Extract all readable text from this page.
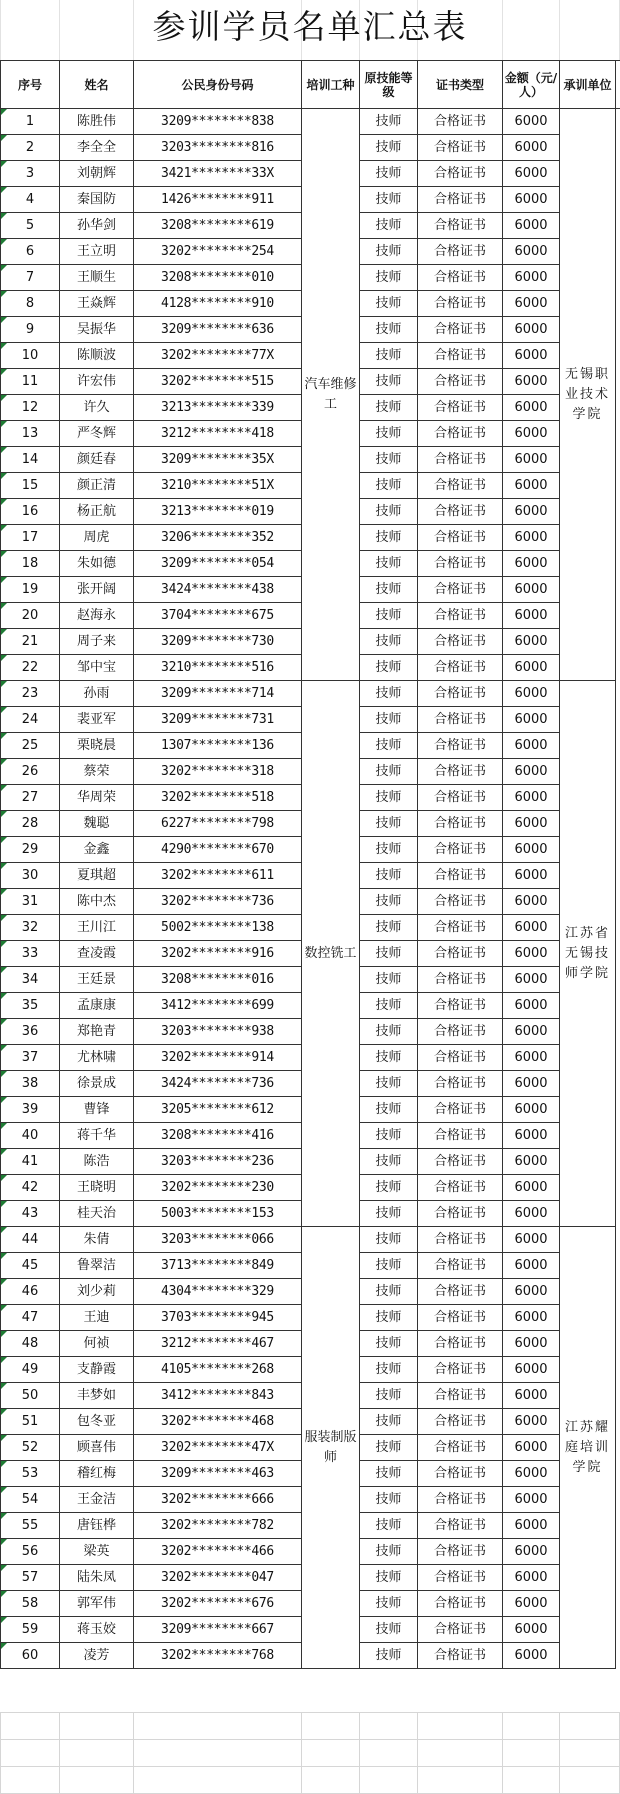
参训学员名单汇总表
序号	姓名	公民身份号码	培训工种	原技能等级	证书类型	金额（元/人）	承训单位	
1	陈胜伟	3209********838	汽车维修工	技师	合格证书	6000	无锡职业技术学院	
2	李全全	3203********816		技师	合格证书	6000		
3	刘朝辉	3421********33X		技师	合格证书	6000		
4	秦国防	1426********911		技师	合格证书	6000		
5	孙华剑	3208********619		技师	合格证书	6000		
6	王立明	3202********254		技师	合格证书	6000		
7	王顺生	3208********010		技师	合格证书	6000		
8	王焱辉	4128********910		技师	合格证书	6000		
9	吴振华	3209********636		技师	合格证书	6000		
10	陈顺波	3202********77X		技师	合格证书	6000		
11	许宏伟	3202********515		技师	合格证书	6000		
12	许久	3213********339		技师	合格证书	6000		
13	严冬辉	3212********418		技师	合格证书	6000		
14	颜廷春	3209********35X		技师	合格证书	6000		
15	颜正清	3210********51X		技师	合格证书	6000		
16	杨正航	3213********019		技师	合格证书	6000		
17	周虎	3206********352		技师	合格证书	6000		
18	朱如德	3209********054		技师	合格证书	6000		
19	张开阔	3424********438		技师	合格证书	6000		
20	赵海永	3704********675		技师	合格证书	6000		
21	周子来	3209********730		技师	合格证书	6000		
22	邹中宝	3210********516		技师	合格证书	6000		
23	孙雨	3209********714	数控铣工	技师	合格证书	6000	江苏省无锡技师学院	
24	裴亚军	3209********731		技师	合格证书	6000		
25	栗晓晨	1307********136		技师	合格证书	6000		
26	蔡荣	3202********318		技师	合格证书	6000		
27	华周荣	3202********518		技师	合格证书	6000		
28	魏聪	6227********798		技师	合格证书	6000		
29	金鑫	4290********670		技师	合格证书	6000		
30	夏琪超	3202********611		技师	合格证书	6000		
31	陈中杰	3202********736		技师	合格证书	6000		
32	王川江	5002********138		技师	合格证书	6000		
33	查凌霞	3202********916		技师	合格证书	6000		
34	王廷景	3208********016		技师	合格证书	6000		
35	孟康康	3412********699		技师	合格证书	6000		
36	郑艳青	3203********938		技师	合格证书	6000		
37	尤林啸	3202********914		技师	合格证书	6000		
38	徐景成	3424********736		技师	合格证书	6000		
39	曹锋	3205********612		技师	合格证书	6000		
40	蒋千华	3208********416		技师	合格证书	6000		
41	陈浩	3203********236		技师	合格证书	6000		
42	王晓明	3202********230		技师	合格证书	6000		
43	桂天治	5003********153		技师	合格证书	6000		
44	朱倩	3203********066	服装制版师	技师	合格证书	6000	江苏耀庭培训学院	
45	鲁翠洁	3713********849		技师	合格证书	6000		
46	刘少莉	4304********329		技师	合格证书	6000		
47	王迪	3703********945		技师	合格证书	6000		
48	何祯	3212********467		技师	合格证书	6000		
49	支静霞	4105********268		技师	合格证书	6000		
50	丰梦如	3412********843		技师	合格证书	6000		
51	包冬亚	3202********468		技师	合格证书	6000		
52	顾喜伟	3202********47X		技师	合格证书	6000		
53	稽红梅	3209********463		技师	合格证书	6000		
54	王金洁	3202********666		技师	合格证书	6000		
55	唐钰桦	3202********782		技师	合格证书	6000		
56	梁英	3202********466		技师	合格证书	6000		
57	陆朱凤	3202********047		技师	合格证书	6000		
58	郭军伟	3202********676		技师	合格证书	6000		
59	蒋玉姣	3209********667		技师	合格证书	6000		
60	凌芳	3202********768		技师	合格证书	6000		
